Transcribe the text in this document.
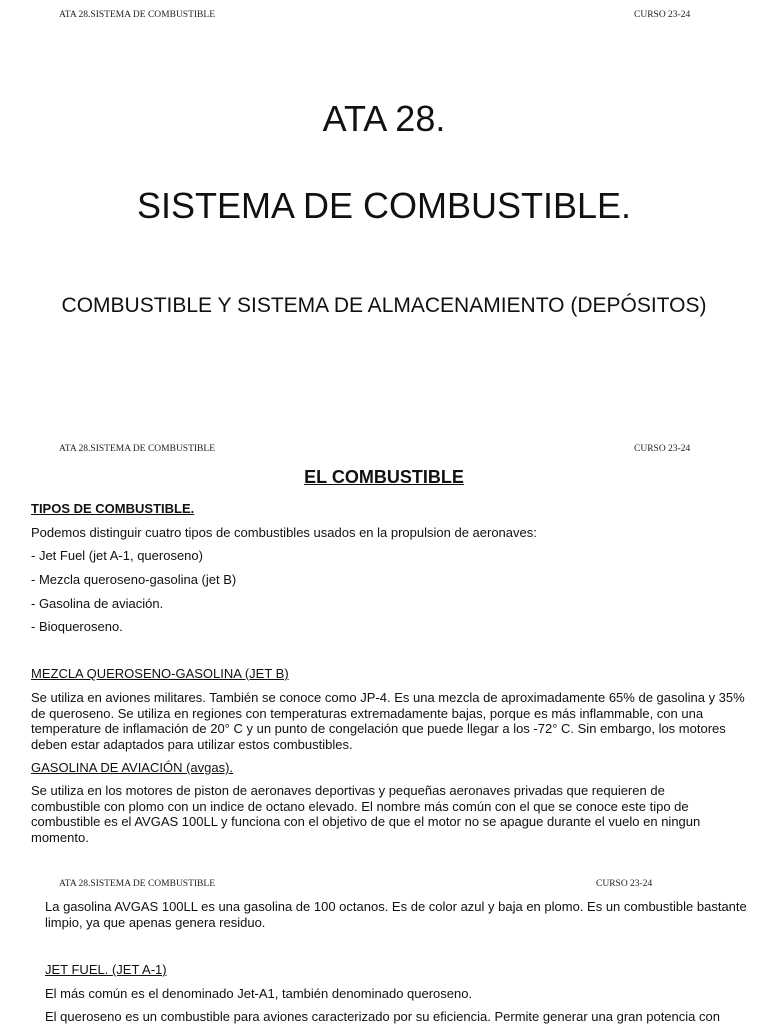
ATA 28.SISTEMA DE COMBUSTIBLE	CURSO 23-24
ATA 28.
SISTEMA DE COMBUSTIBLE.
COMBUSTIBLE Y SISTEMA DE ALMACENAMIENTO (DEPÓSITOS)
ATA 28.SISTEMA DE COMBUSTIBLE	CURSO 23-24
EL COMBUSTIBLE
TIPOS DE COMBUSTIBLE.
Podemos distinguir cuatro tipos de combustibles usados en la propulsion de aeronaves:
- Jet Fuel (jet A-1, queroseno)
- Mezcla queroseno-gasolina (jet B)
- Gasolina de aviación.
- Bioqueroseno.
MEZCLA QUEROSENO-GASOLINA (JET B)

Se utiliza en aviones militares. También se conoce como JP-4. Es una mezcla de aproximadamente 65% de gasolina y 35%

de queroseno. Se utiliza en regiones con temperaturas extremadamente bajas, porque es más inflammable, con una

temperature de inflamación de 20° C y un punto de congelación que puede llegar a los -72° C. Sin embargo, los motores

deben estar adaptados para utilizar estos combustibles.

GASOLINA DE AVIACIÓN (avgas).

Se utiliza en los motores de piston de aeronaves deportivas y pequeñas aeronaves privadas que requieren de

combustible con plomo con un indice de octano elevado. El nombre más común con el que se conoce este tipo de

combustible es el AVGAS 100LL y funciona con el objetivo de que el motor no se apague durante el vuelo en ningun

momento.

ATA 28.SISTEMA DE COMBUSTIBLE	CURSO 23-24

La gasolina AVGAS 100LL es una gasolina de 100 octanos. Es de color azul y baja en plomo. Es un combustible bastante

limpio, ya que apenas genera residuo.

JET FUEL. (JET A-1)
El más común es el denominado Jet-A1, también denominado queroseno.
El queroseno es un combustible para aviones caracterizado por su eficiencia. Permite generar una gran potencia con
